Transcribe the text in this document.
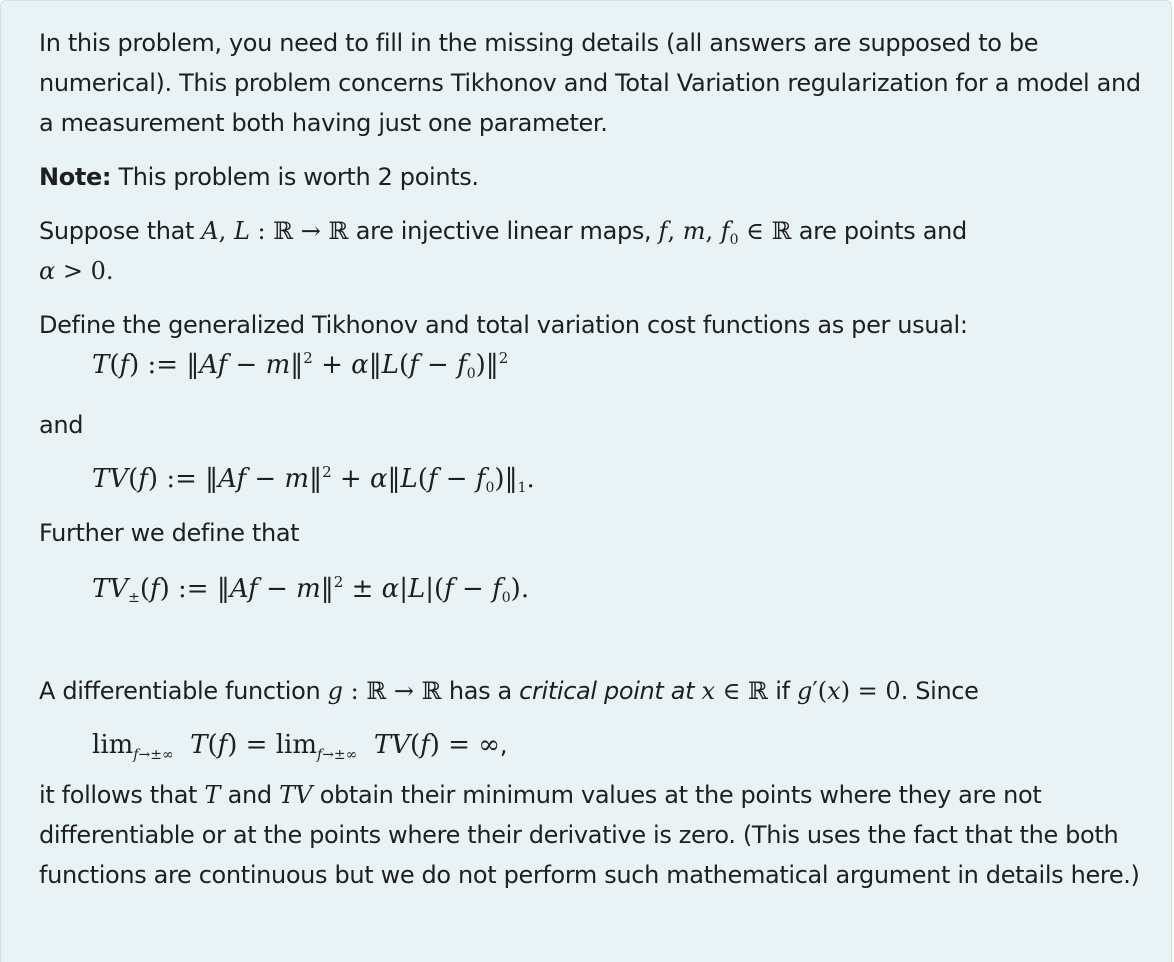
In this problem, you need to fill in the missing details (all answers are supposed to be numerical). This problem concerns Tikhonov and Total Variation regularization for a model and a measurement both having just one parameter.

Note: This problem is worth 2 points.

Suppose that A, L : ℝ → ℝ are injective linear maps, f, m, $f_0$ ∈ ℝ are points and
α > 0.

Define the generalized Tikhonov and total variation cost functions as per usual:

T(f) := ‖Af − m‖$^2$ + α‖L(f − $f_0)‖^2$

and

TV(f) := ‖Af − m‖$^2$ + α‖L(f − $f_0)‖_1$.

Further we define that

$TV_\pm(f)$ := ‖Af − m‖$^2$ ± $\alpha|L|(f - f_0)$.

A differentiable function g : ℝ → ℝ has a critical point at x ∈ ℝ if g′(x) = 0. Since

$\lim_{f\to\pm\infty} T(f) = \lim_{f\to\pm\infty} TV(f)$ = ∞,

it follows that T and TV obtain their minimum values at the points where they are not differentiable or at the points where their derivative is zero. (This uses the fact that the both functions are continuous but we do not perform such mathematical argument in details here.)
